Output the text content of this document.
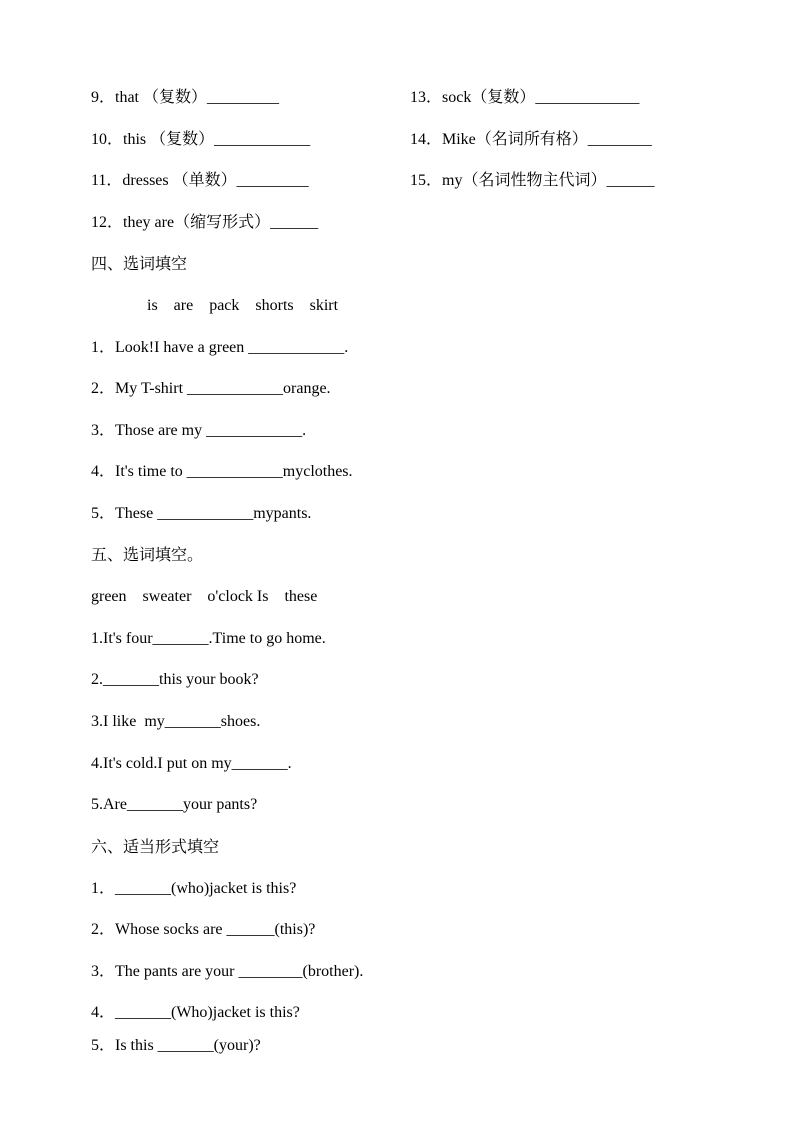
9．that （复数）_________
10．this （复数）____________
11．dresses （单数）_________
12．they are（缩写形式）______
13．sock（复数）_____________
14．Mike（名词所有格）________
15．my（名词性物主代词）______
四、选词填空
is    are    pack    shorts    skirt
1．Look!I have a green ____________.
2．My T-shirt ____________orange.
3．Those are my ____________.
4．It's time to ____________myclothes.
5．These ____________mypants.
五、选词填空。
green    sweater    o'clock Is    these
1.It's four_______.Time to go home.
2._______this your book?
3.I like  my_______shoes.
4.It's cold.I put on my_______.
5.Are_______your pants?
六、适当形式填空
1．_______(who)jacket is this?
2．Whose socks are ______(this)?
3．The pants are your ________(brother).
4．_______(Who)jacket is this?
5．Is this _______(your)?
